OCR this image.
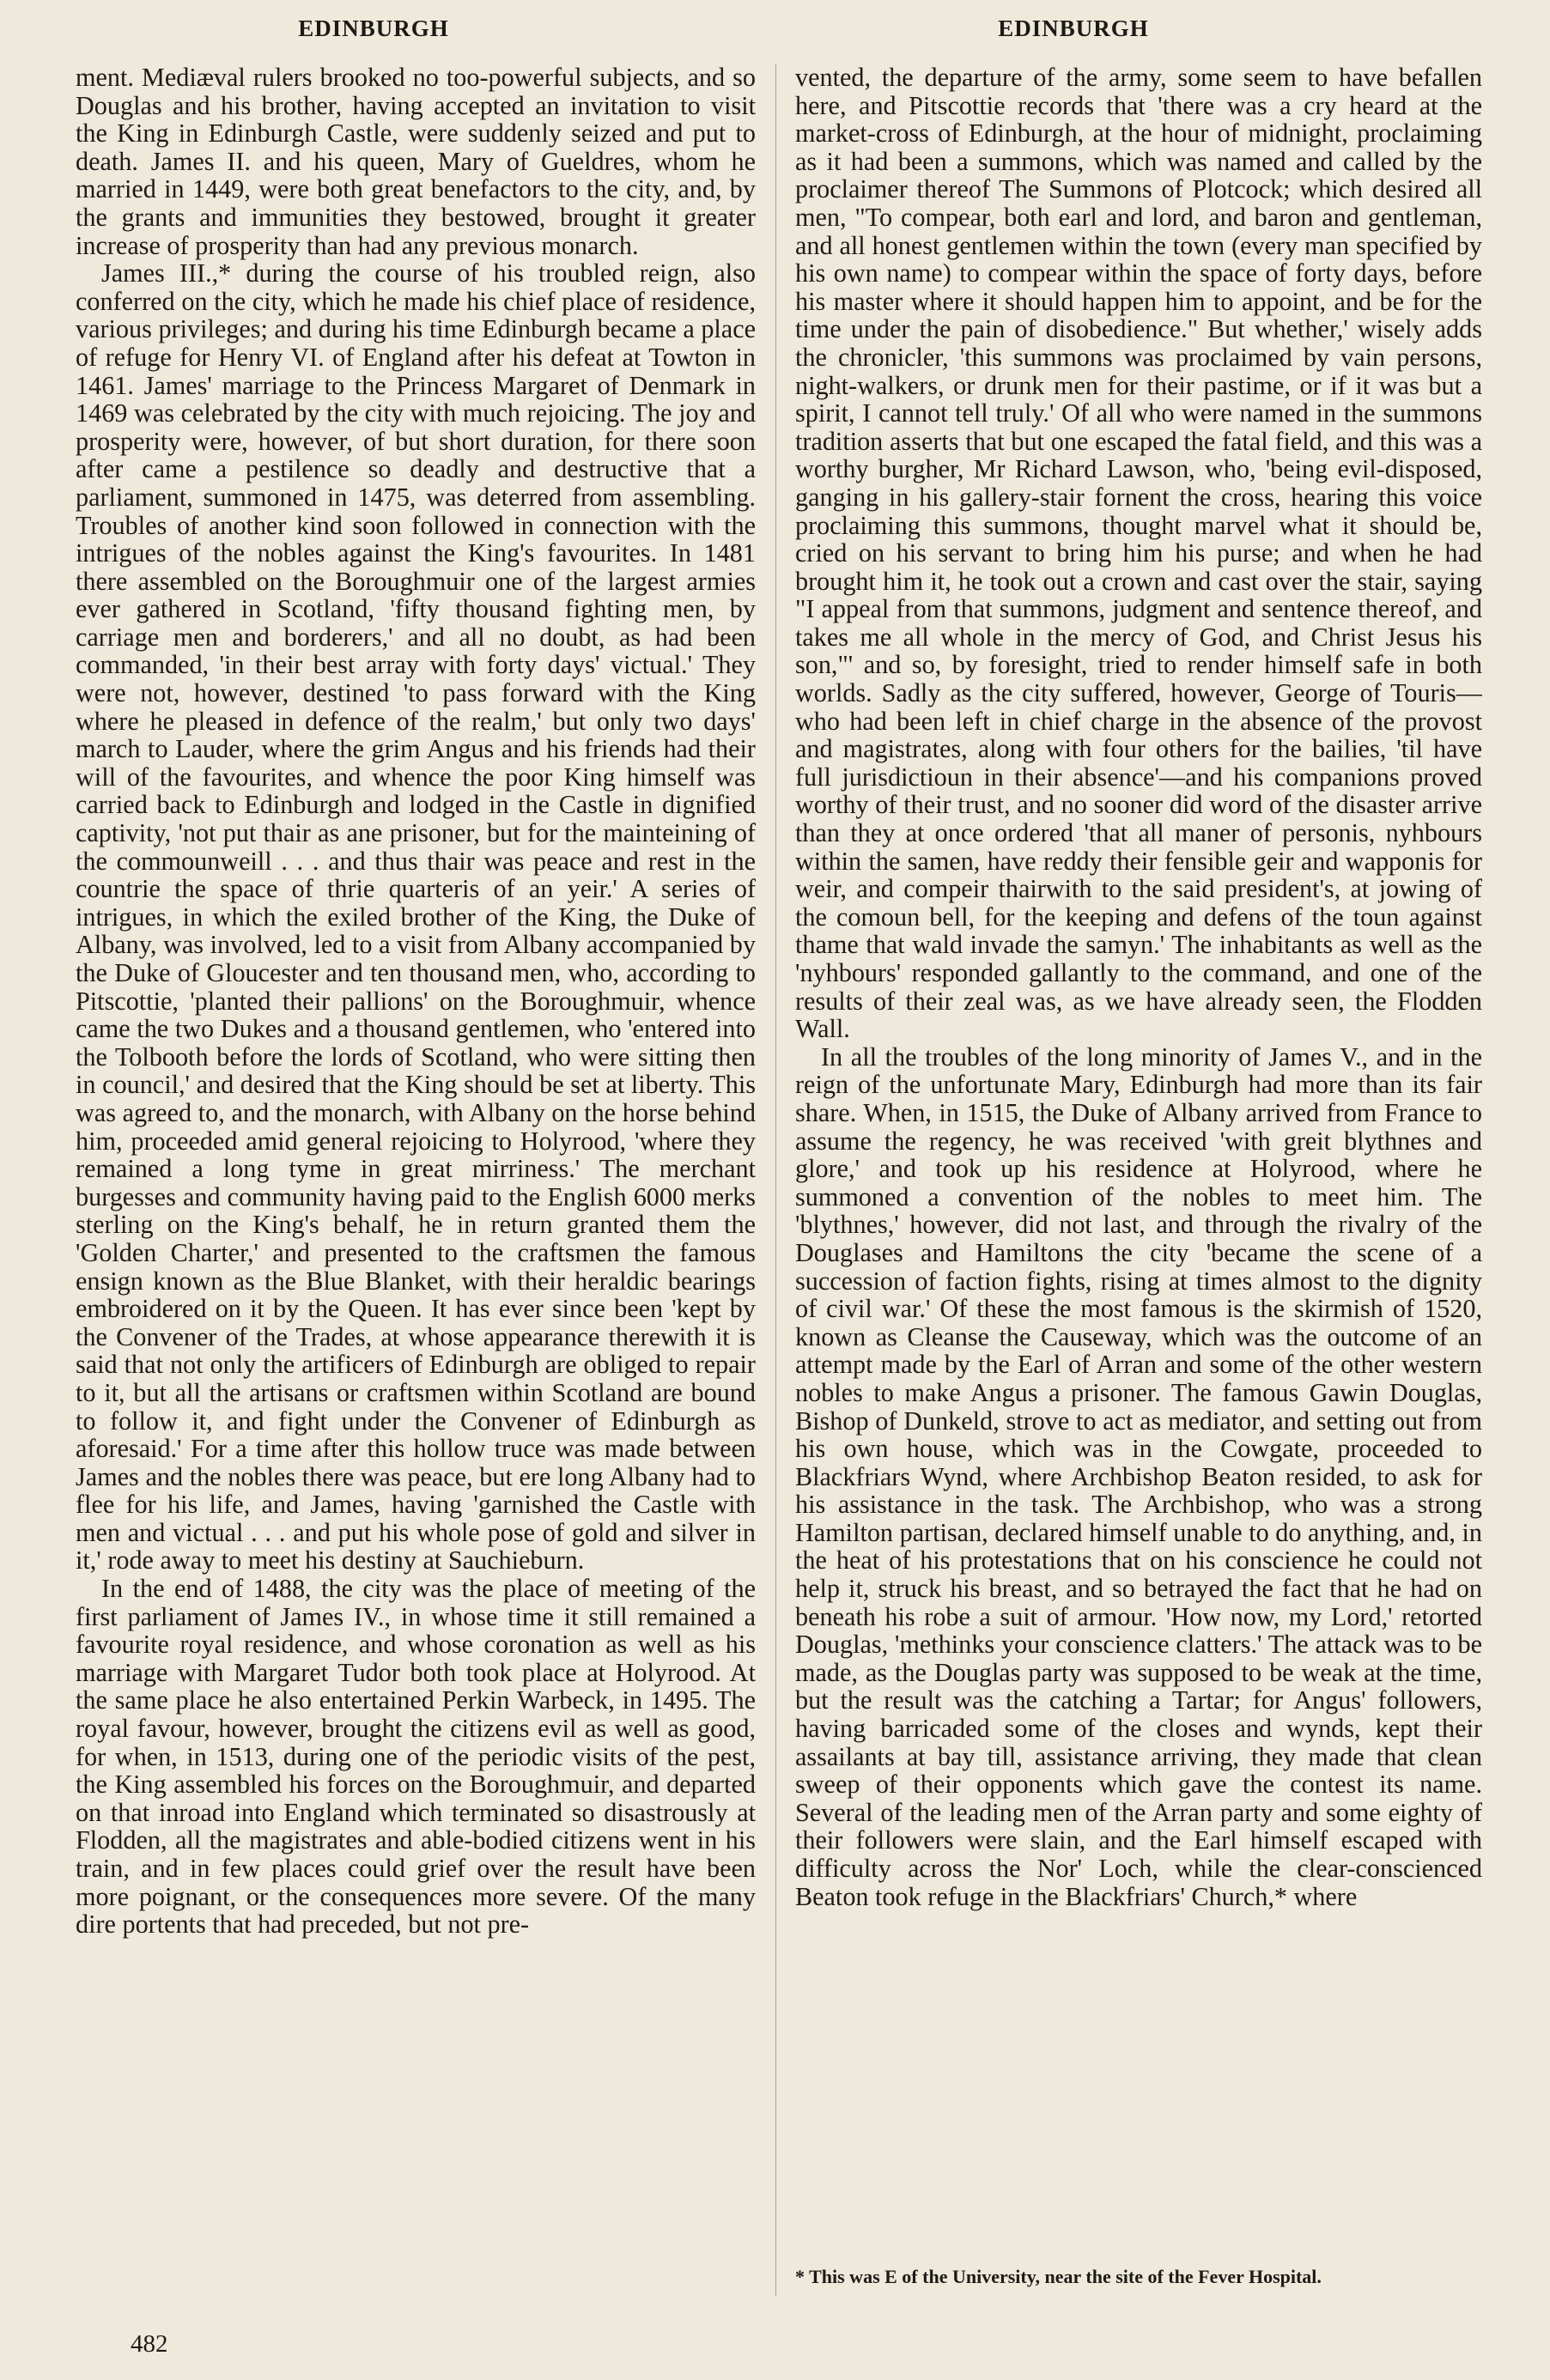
EDINBURGH	EDINBURGH

ment. Mediæval rulers brooked no too-powerful subjects, and so Douglas and his brother, having accepted an invitation to visit the King in Edinburgh Castle, were suddenly seized and put to death. James II. and his queen, Mary of Gueldres, whom he married in 1449, were both great benefactors to the city, and, by the grants and immunities they bestowed, brought it greater increase of prosperity than had any previous monarch.

James III.,* during the course of his troubled reign, also conferred on the city, which he made his chief place of residence, various privileges; and during his time Edinburgh became a place of refuge for Henry VI. of England after his defeat at Towton in 1461. James' marriage to the Princess Margaret of Denmark in 1469 was celebrated by the city with much rejoicing. The joy and prosperity were, however, of but short duration, for there soon after came a pestilence so deadly and destructive that a parliament, summoned in 1475, was deterred from assembling. Troubles of another kind soon followed in connection with the intrigues of the nobles against the King's favourites. In 1481 there assembled on the Boroughmuir one of the largest armies ever gathered in Scotland, 'fifty thousand fighting men, by carriage men and borderers,' and all no doubt, as had been commanded, 'in their best array with forty days' victual.' They were not, however, destined 'to pass forward with the King where he pleased in defence of the realm,' but only two days' march to Lauder, where the grim Angus and his friends had their will of the favourites, and whence the poor King himself was carried back to Edinburgh and lodged in the Castle in dignified captivity, 'not put thair as ane prisoner, but for the mainteining of the commounweill . . . and thus thair was peace and rest in the countrie the space of thrie quarteris of an yeir.' A series of intrigues, in which the exiled brother of the King, the Duke of Albany, was involved, led to a visit from Albany accompanied by the Duke of Gloucester and ten thousand men, who, according to Pitscottie, 'planted their pallions' on the Boroughmuir, whence came the two Dukes and a thousand gentlemen, who 'entered into the Tolbooth before the lords of Scotland, who were sitting then in council,' and desired that the King should be set at liberty. This was agreed to, and the monarch, with Albany on the horse behind him, proceeded amid general rejoicing to Holyrood, 'where they remained a long tyme in great mirriness.' The merchant burgesses and community having paid to the English 6000 merks sterling on the King's behalf, he in return granted them the 'Golden Charter,' and presented to the craftsmen the famous ensign known as the Blue Blanket, with their heraldic bearings embroidered on it by the Queen. It has ever since been 'kept by the Convener of the Trades, at whose appearance therewith it is said that not only the artificers of Edinburgh are obliged to repair to it, but all the artisans or craftsmen within Scotland are bound to follow it, and fight under the Convener of Edinburgh as aforesaid.' For a time after this hollow truce was made between James and the nobles there was peace, but ere long Albany had to flee for his life, and James, having 'garnished the Castle with men and victual . . . and put his whole pose of gold and silver in it,' rode away to meet his destiny at Sauchieburn.

In the end of 1488, the city was the place of meeting of the first parliament of James IV., in whose time it still remained a favourite royal residence, and whose coronation as well as his marriage with Margaret Tudor both took place at Holyrood. At the same place he also entertained Perkin Warbeck, in 1495. The royal favour, however, brought the citizens evil as well as good, for when, in 1513, during one of the periodic visits of the pest, the King assembled his forces on the Boroughmuir, and departed on that inroad into England which terminated so disastrously at Flodden, all the magistrates and able-bodied citizens went in his train, and in few places could grief over the result have been more poignant, or the consequences more severe. Of the many dire portents that had preceded, but not pre-

vented, the departure of the army, some seem to have befallen here, and Pitscottie records that 'there was a cry heard at the market-cross of Edinburgh, at the hour of midnight, proclaiming as it had been a summons, which was named and called by the proclaimer thereof The Summons of Plotcock; which desired all men, "To compear, both earl and lord, and baron and gentleman, and all honest gentlemen within the town (every man specified by his own name) to compear within the space of forty days, before his master where it should happen him to appoint, and be for the time under the pain of disobedience." But whether,' wisely adds the chronicler, 'this summons was proclaimed by vain persons, night-walkers, or drunk men for their pastime, or if it was but a spirit, I cannot tell truly.' Of all who were named in the summons tradition asserts that but one escaped the fatal field, and this was a worthy burgher, Mr Richard Lawson, who, 'being evil-disposed, ganging in his gallery-stair fornent the cross, hearing this voice proclaiming this summons, thought marvel what it should be, cried on his servant to bring him his purse; and when he had brought him it, he took out a crown and cast over the stair, saying "I appeal from that summons, judgment and sentence thereof, and takes me all whole in the mercy of God, and Christ Jesus his son,"' and so, by foresight, tried to render himself safe in both worlds. Sadly as the city suffered, however, George of Touris—who had been left in chief charge in the absence of the provost and magistrates, along with four others for the bailies, 'til have full jurisdictioun in their absence'—and his companions proved worthy of their trust, and no sooner did word of the disaster arrive than they at once ordered 'that all maner of personis, nyhbours within the samen, have reddy their fensible geir and wapponis for weir, and compeir thairwith to the said president's, at jowing of the comoun bell, for the keeping and defens of the toun against thame that wald invade the samyn.' The inhabitants as well as the 'nyhbours' responded gallantly to the command, and one of the results of their zeal was, as we have already seen, the Flodden Wall.

In all the troubles of the long minority of James V., and in the reign of the unfortunate Mary, Edinburgh had more than its fair share. When, in 1515, the Duke of Albany arrived from France to assume the regency, he was received 'with greit blythnes and glore,' and took up his residence at Holyrood, where he summoned a convention of the nobles to meet him. The 'blythnes,' however, did not last, and through the rivalry of the Douglases and Hamiltons the city 'became the scene of a succession of faction fights, rising at times almost to the dignity of civil war.' Of these the most famous is the skirmish of 1520, known as Cleanse the Causeway, which was the outcome of an attempt made by the Earl of Arran and some of the other western nobles to make Angus a prisoner. The famous Gawin Douglas, Bishop of Dunkeld, strove to act as mediator, and setting out from his own house, which was in the Cowgate, proceeded to Blackfriars Wynd, where Archbishop Beaton resided, to ask for his assistance in the task. The Archbishop, who was a strong Hamilton partisan, declared himself unable to do anything, and, in the heat of his protestations that on his conscience he could not help it, struck his breast, and so betrayed the fact that he had on beneath his robe a suit of armour. 'How now, my Lord,' retorted Douglas, 'methinks your conscience clatters.' The attack was to be made, as the Douglas party was supposed to be weak at the time, but the result was the catching a Tartar; for Angus' followers, having barricaded some of the closes and wynds, kept their assailants at bay till, assistance arriving, they made that clean sweep of their opponents which gave the contest its name. Several of the leading men of the Arran party and some eighty of their followers were slain, and the Earl himself escaped with difficulty across the Nor' Loch, while the clear-conscienced Beaton took refuge in the Blackfriars' Church,* where

* This was E of the University, near the site of the Fever Hospital.
482
